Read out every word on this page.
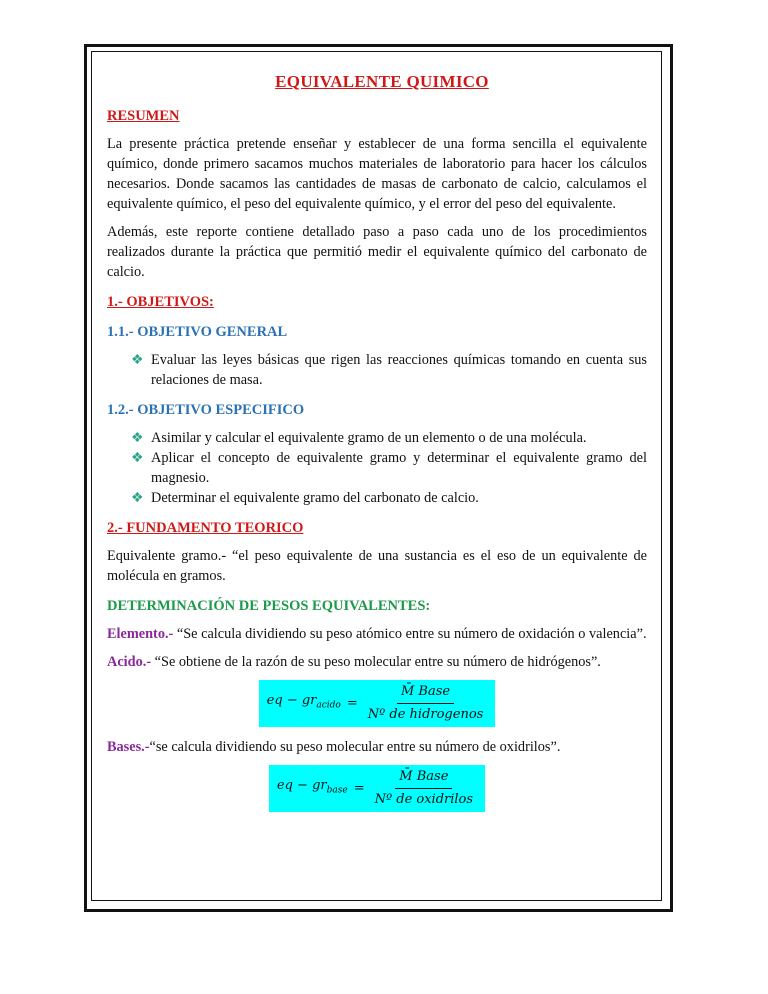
EQUIVALENTE QUIMICO
RESUMEN

La presente práctica pretende enseñar y establecer de una forma sencilla el equivalente químico, donde primero sacamos muchos materiales de laboratorio para hacer los cálculos necesarios. Donde sacamos las cantidades de masas de carbonato de calcio, calculamos el equivalente químico, el peso del equivalente químico, y el error del peso del equivalente.

Además, este reporte contiene detallado paso a paso cada uno de los procedimientos realizados durante la práctica que permitió medir el equivalente químico del carbonato de calcio.

1.- OBJETIVOS:
1.1.- OBJETIVO GENERAL
❖ Evaluar las leyes básicas que rigen las reacciones químicas tomando en cuenta sus relaciones de masa.
1.2.- OBJETIVO ESPECIFICO
❖ Asimilar y calcular el equivalente gramo de un elemento o de una molécula.
❖ Aplicar el concepto de equivalente gramo y determinar el equivalente gramo del magnesio.
❖ Determinar el equivalente gramo del carbonato de calcio.
2.- FUNDAMENTO TEORICO

Equivalente gramo.- “el peso equivalente de una sustancia es el eso de un equivalente de molécula en gramos.

DETERMINACIÓN DE PESOS EQUIVALENTES:

Elemento.- “Se calcula dividiendo su peso atómico entre su número de oxidación o valencia”.

Acido.- “Se obtiene de la razón de su peso molecular entre su número de hidrógenos”.

eq − $gr_{acido} = \frac{\text{M̄ Base}}{\text{Nº de hidrogenos}}$

Bases.-“se calcula dividiendo su peso molecular entre su número de oxidrilos”.

eq − $gr_{base} = \frac{\text{M̄ Base}}{\text{Nº de oxidrilos}}$
